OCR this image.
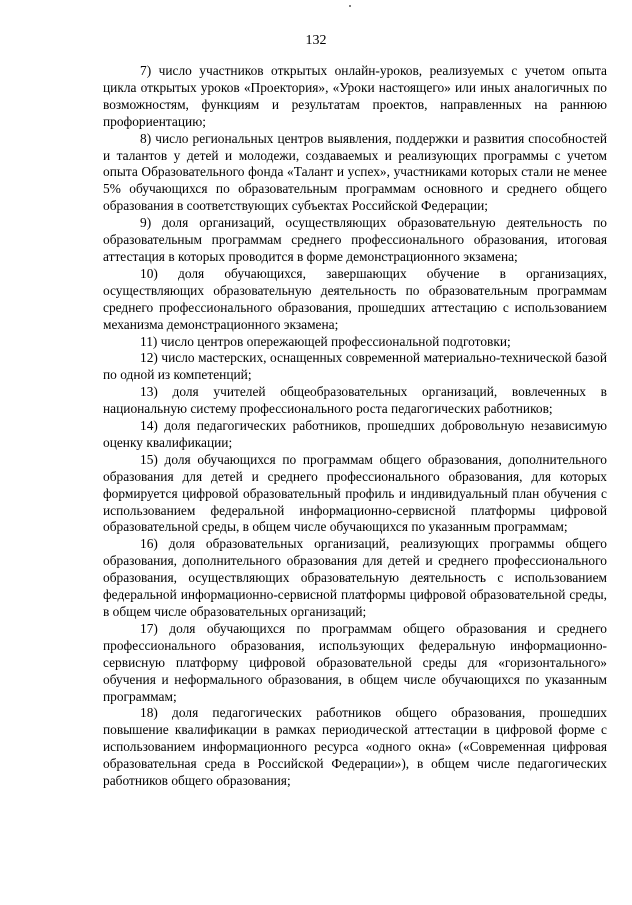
132

7) число участников открытых онлайн-уроков, реализуемых с учетом опыта цикла открытых уроков «Проектория», «Уроки настоящего» или иных аналогичных по возможностям, функциям и результатам проектов, направленных на раннюю профориентацию;

8) число региональных центров выявления, поддержки и развития способностей и талантов у детей и молодежи, создаваемых и реализующих программы с учетом опыта Образовательного фонда «Талант и успех», участниками которых стали не менее 5% обучающихся по образовательным программам основного и среднего общего образования в соответствующих субъектах Российской Федерации;

9) доля организаций, осуществляющих образовательную деятельность по образовательным программам среднего профессионального образования, итоговая аттестация в которых проводится в форме демонстрационного экзамена;

10) доля обучающихся, завершающих обучение в организациях, осуществляющих образовательную деятельность по образовательным программам среднего профессионального образования, прошедших аттестацию с использованием механизма демонстрационного экзамена;

11) число центров опережающей профессиональной подготовки;

12) число мастерских, оснащенных современной материально-технической базой по одной из компетенций;

13) доля учителей общеобразовательных организаций, вовлеченных в национальную систему профессионального роста педагогических работников;

14) доля педагогических работников, прошедших добровольную независимую оценку квалификации;

15) доля обучающихся по программам общего образования, дополнительного образования для детей и среднего профессионального образования, для которых формируется цифровой образовательный профиль и индивидуальный план обучения с использованием федеральной информационно-сервисной платформы цифровой образовательной среды, в общем числе обучающихся по указанным программам;

16) доля образовательных организаций, реализующих программы общего образования, дополнительного образования для детей и среднего профессионального образования, осуществляющих образовательную деятельность с использованием федеральной информационно-сервисной платформы цифровой образовательной среды, в общем числе образовательных организаций;

17) доля обучающихся по программам общего образования и среднего профессионального образования, использующих федеральную информационно-сервисную платформу цифровой образовательной среды для «горизонтального» обучения и неформального образования, в общем числе обучающихся по указанным программам;

18) доля педагогических работников общего образования, прошедших повышение квалификации в рамках периодической аттестации в цифровой форме с использованием информационного ресурса «одного окна» («Современная цифровая образовательная среда в Российской Федерации»), в общем числе педагогических работников общего образования;
